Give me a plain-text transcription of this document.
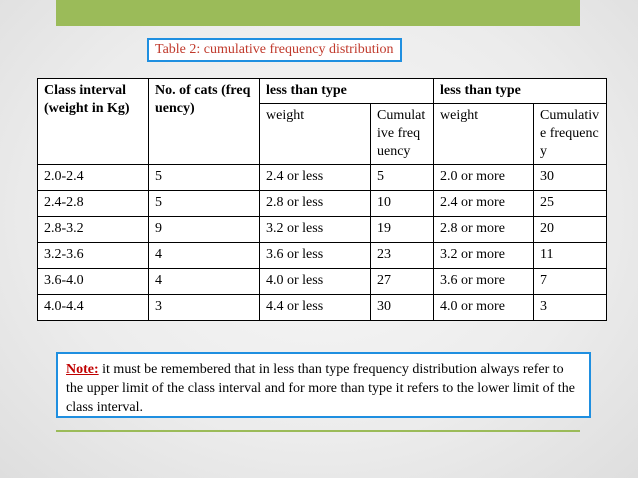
Table 2: cumulative frequency distribution
Class interval (weight in Kg)	No. of cats (frequency)	less than type		less than type	
		weight	Cumulative frequency	weight	Cumulative frequency
2.0-2.4	5	2.4 or less	5	2.0 or more	30
2.4-2.8	5	2.8 or less	10	2.4 or more	25
2.8-3.2	9	3.2 or less	19	2.8 or more	20
3.2-3.6	4	3.6 or less	23	3.2 or more	11
3.6-4.0	4	4.0 or less	27	3.6 or more	7
4.0-4.4	3	4.4 or less	30	4.0 or more	3
Note: it must be remembered that in less than type frequency distribution always refer to the upper limit of the class interval and for more than type it refers to the lower limit of the class interval.
